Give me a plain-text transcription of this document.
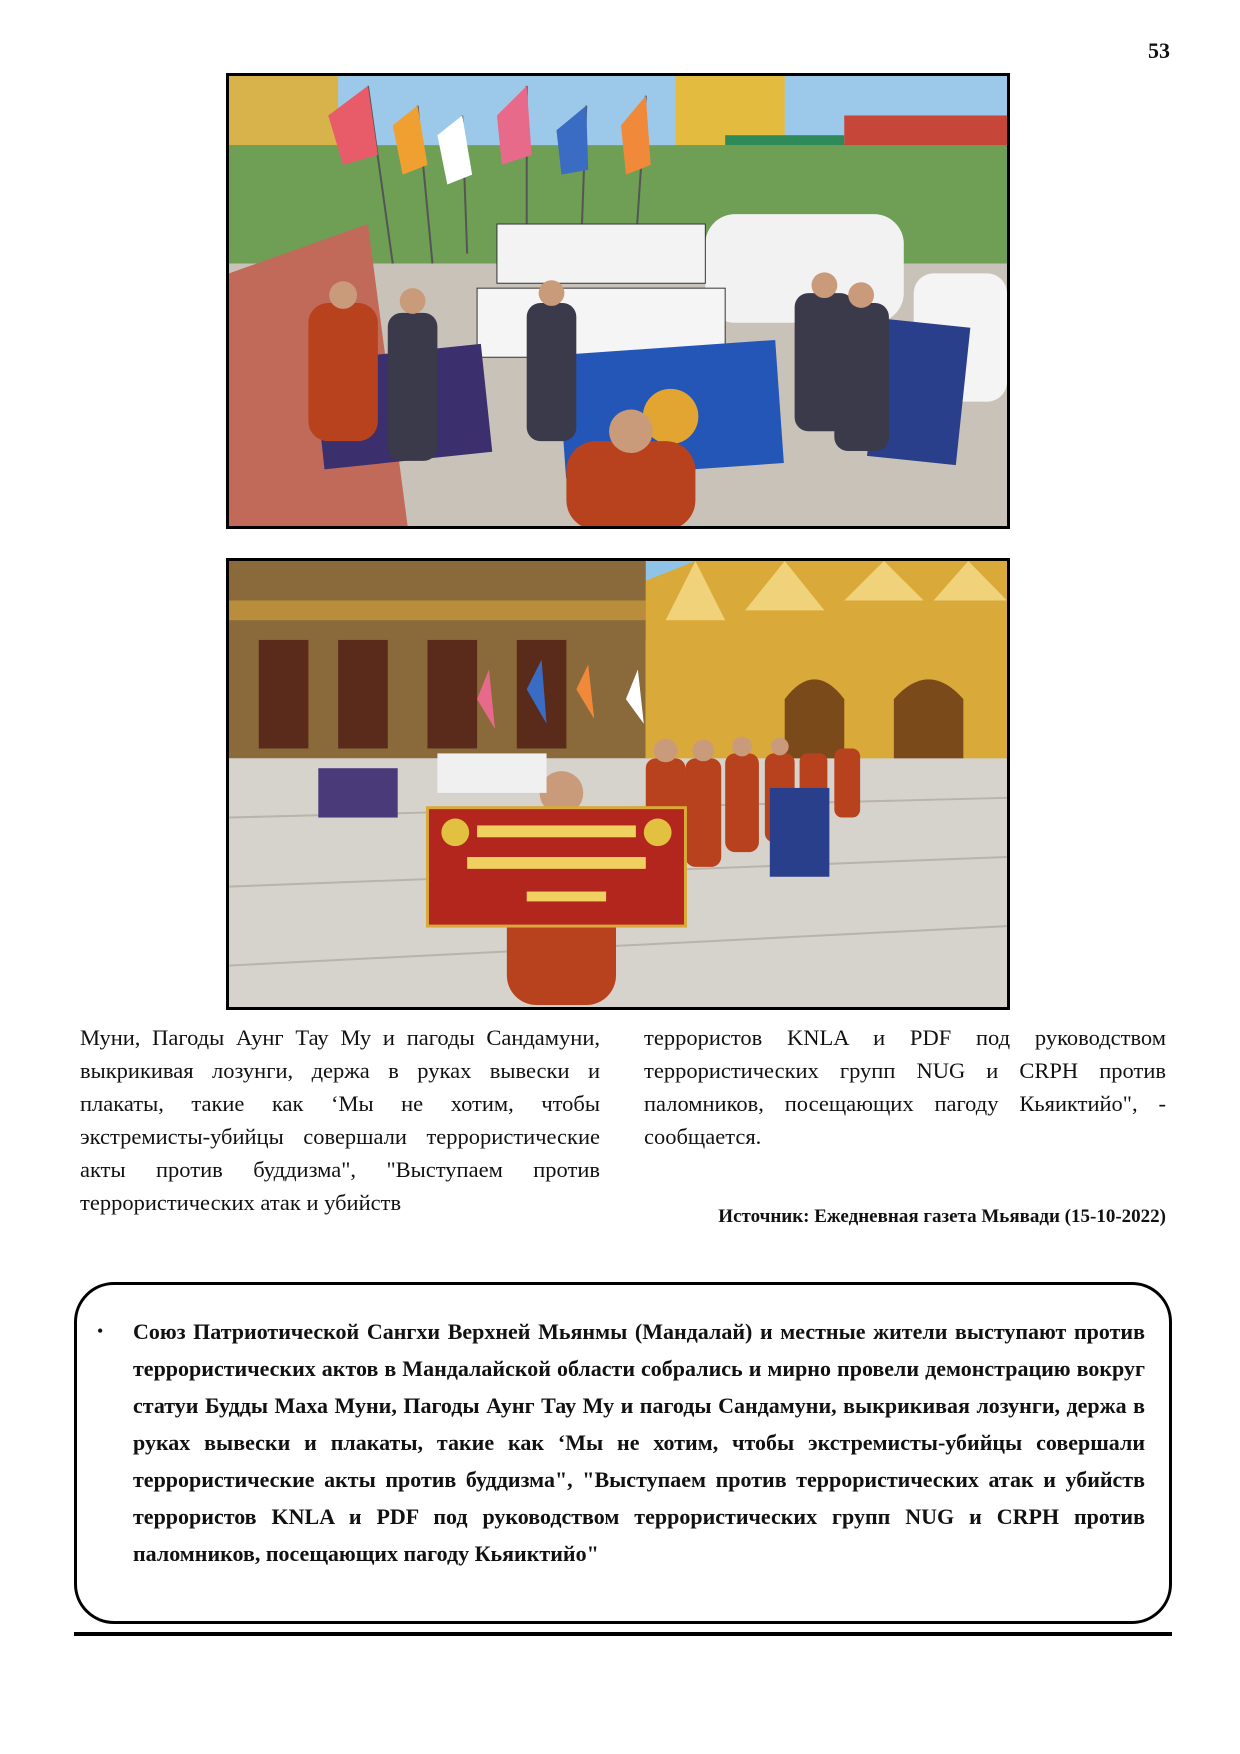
53
Муни, Пагоды Аунг Тау Му и пагоды Сандамуни, выкрикивая лозунги, держа в руках вывески и плакаты, такие как ‘Мы не хотим, чтобы экстремисты-убийцы совершали террористические акты против буддизма", "Выступаем против террористических атак и убийств
террористов KNLA и PDF под руководством террористических групп NUG и CRPH против паломников, посещающих пагоду Кьяиктийо", - сообщается.
Источник: Ежедневная газета Мьявади (15-10-2022)
• Союз Патриотической Сангхи Верхней Мьянмы (Мандалай) и местные жители выступают против террористических актов в Мандалайской области собрались и мирно провели демонстрацию вокруг статуи Будды Маха Муни, Пагоды Аунг Тау Му и пагоды Сандамуни, выкрикивая лозунги, держа в руках вывески и плакаты, такие как ‘Мы не хотим, чтобы экстремисты-убийцы совершали террористические акты против буддизма", "Выступаем против террористических атак и убийств террористов KNLA и PDF под руководством террористических групп NUG и CRPH против паломников, посещающих пагоду Кьяиктийо"
